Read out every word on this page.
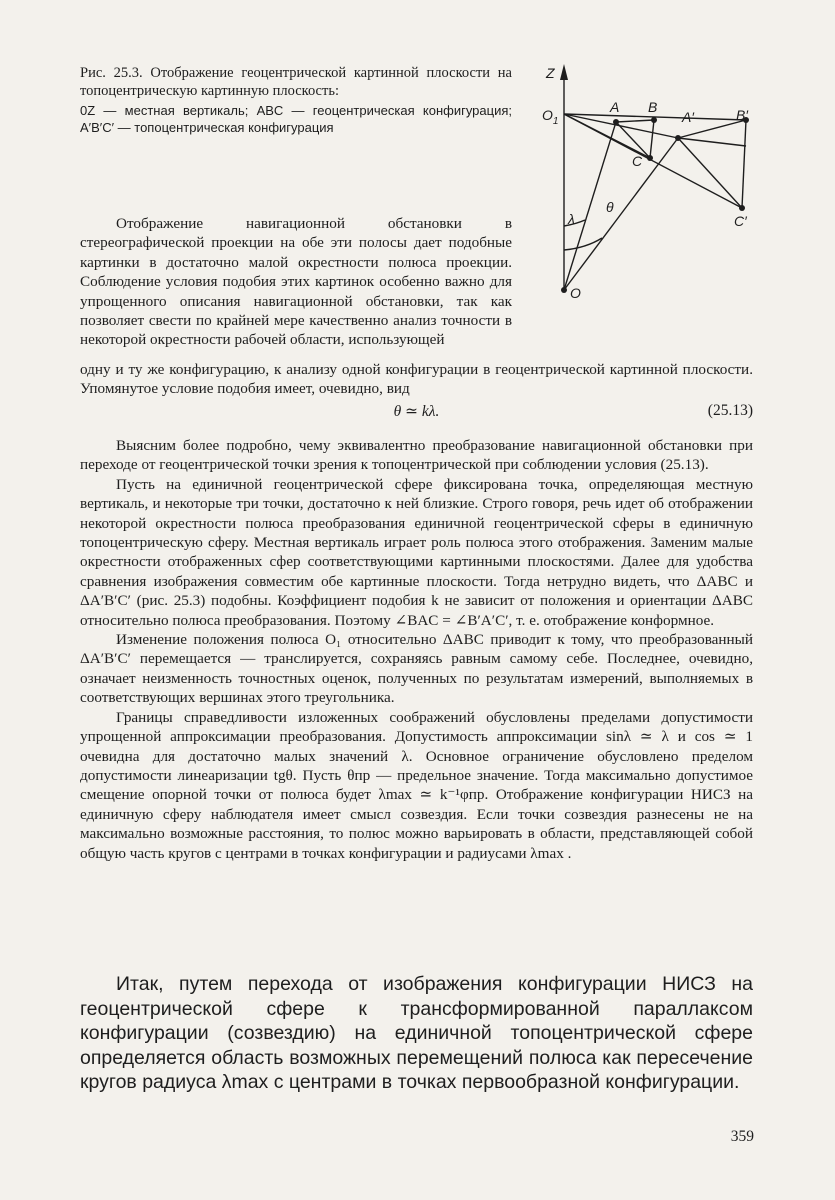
Рис. 25.3. Отображение геоцентрической картинной плоскости на топоцентрическую картинную плоскость:

0Z — местная вертикаль; ABC — геоцентрическая конфигурация; A′B′C′ — топоцентрическая конфигурация

Z
$O_1$
O
A B
C
A′	B′
C′
λ
θ

Отображение навигационной обстановки в стереографической проекции на обе эти полосы дает подобные картинки в достаточно малой окрестности полюса проекции. Соблюдение условия подобия этих картинок особенно важно для упрощенного описания навигационной обстановки, так как позволяет свести по крайней мере качественно анализ точности в некоторой окрестности рабочей области, использующей

одну и ту же конфигурацию, к анализу одной конфигурации в геоцентрической картинной плоскости. Упомянутое условие подобия имеет, очевидно, вид

θ ≃ kλ.	(25.13)

Выясним более подробно, чему эквивалентно преобразование навигационной обстановки при переходе от геоцентрической точки зрения к топоцентрической при соблюдении условия (25.13).

Пусть на единичной геоцентрической сфере фиксирована точка, определяющая местную вертикаль, и некоторые три точки, достаточно к ней близкие. Строго говоря, речь идет об отображении некоторой окрестности полюса преобразования единичной геоцентрической сферы в единичную топоцентрическую сферу. Местная вертикаль играет роль полюса этого отображения. Заменим малые окрестности отображенных сфер соответствующими картинными плоскостями. Далее для удобства сравнения изображения совместим обе картинные плоскости. Тогда нетрудно видеть, что ΔABC и ΔA′B′C′ (рис. 25.3) подобны. Коэффициент подобия k не зависит от положения и ориентации ΔABC относительно полюса преобразования. Поэтому ∠BAC = ∠B′A′C′, т. е. отображение конформное.

Изменение положения полюса O₁ относительно ΔABC приводит к тому, что преобразованный ΔA′B′C′ перемещается — транслируется, сохраняясь равным самому себе. Последнее, очевидно, означает неизменность точностных оценок, полученных по результатам измерений, выполняемых в соответствующих вершинах этого треугольника.

Границы справедливости изложенных соображений обусловлены пределами допустимости упрощенной аппроксимации преобразования. Допустимость аппроксимации sinλ ≃ λ и cos ≃ 1 очевидна для достаточно малых значений λ. Основное ограничение обусловлено пределом допустимости линеаризации tgθ. Пусть θпр — предельное значение. Тогда максимально допустимое смещение опорной точки от полюса будет λmax ≃ k⁻¹φпр. Отображение конфигурации НИСЗ на единичную сферу наблюдателя имеет смысл созвездия. Если точки созвездия разнесены не на максимально возможные расстояния, то полюс можно варьировать в области, представляющей собой общую часть кругов с центрами в точках конфигурации и радиусами λmax .

Итак, путем перехода от изображения конфигурации НИСЗ на геоцентрической сфере к трансформированной параллаксом конфигурации (созвездию) на единичной топоцентрической сфере определяется область возможных перемещений полюса как пересечение кругов радиуса λmax с центрами в точках первообразной конфигурации.

359
